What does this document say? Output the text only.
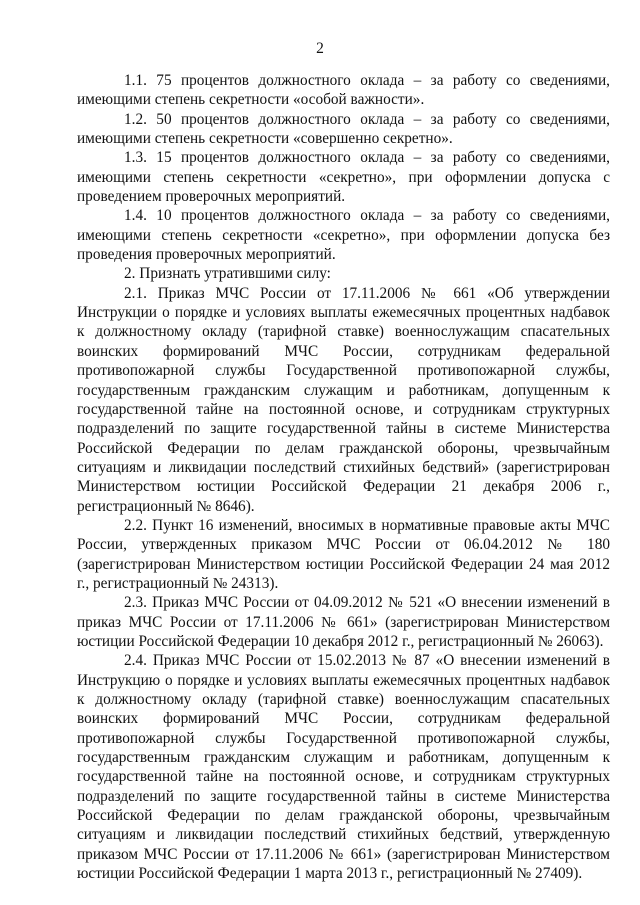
2

1.1. 75 процентов должностного оклада – за работу со сведениями, имеющими степень секретности «особой важности».

1.2. 50 процентов должностного оклада – за работу со сведениями, имеющими степень секретности «совершенно секретно».

1.3. 15 процентов должностного оклада – за работу со сведениями, имеющими степень секретности «секретно», при оформлении допуска с проведением проверочных мероприятий.

1.4. 10 процентов должностного оклада – за работу со сведениями, имеющими степень секретности «секретно», при оформлении допуска без проведения проверочных мероприятий.

2. Признать утратившими силу:

2.1. Приказ МЧС России от 17.11.2006 № 661 «Об утверждении Инструкции о порядке и условиях выплаты ежемесячных процентных надбавок к должностному окладу (тарифной ставке) военнослужащим спасательных воинских формирований МЧС России, сотрудникам федеральной противопожарной службы Государственной противопожарной службы, государственным гражданским служащим и работникам, допущенным к государственной тайне на постоянной основе, и сотрудникам структурных подразделений по защите государственной тайны в системе Министерства Российской Федерации по делам гражданской обороны, чрезвычайным ситуациям и ликвидации последствий стихийных бедствий» (зарегистрирован Министерством юстиции Российской Федерации 21 декабря 2006 г., регистрационный № 8646).

2.2. Пункт 16 изменений, вносимых в нормативные правовые акты МЧС России, утвержденных приказом МЧС России от 06.04.2012 № 180 (зарегистрирован Министерством юстиции Российской Федерации 24 мая 2012 г., регистрационный № 24313).

2.3. Приказ МЧС России от 04.09.2012 № 521 «О внесении изменений в приказ МЧС России от 17.11.2006 № 661» (зарегистрирован Министерством юстиции Российской Федерации 10 декабря 2012 г., регистрационный № 26063).

2.4. Приказ МЧС России от 15.02.2013 № 87 «О внесении изменений в Инструкцию о порядке и условиях выплаты ежемесячных процентных надбавок к должностному окладу (тарифной ставке) военнослужащим спасательных воинских формирований МЧС России, сотрудникам федеральной противопожарной службы Государственной противопожарной службы, государственным гражданским служащим и работникам, допущенным к государственной тайне на постоянной основе, и сотрудникам структурных подразделений по защите государственной тайны в системе Министерства Российской Федерации по делам гражданской обороны, чрезвычайным ситуациям и ликвидации последствий стихийных бедствий, утвержденную приказом МЧС России от 17.11.2006 № 661» (зарегистрирован Министерством юстиции Российской Федерации 1 марта 2013 г., регистрационный № 27409).
